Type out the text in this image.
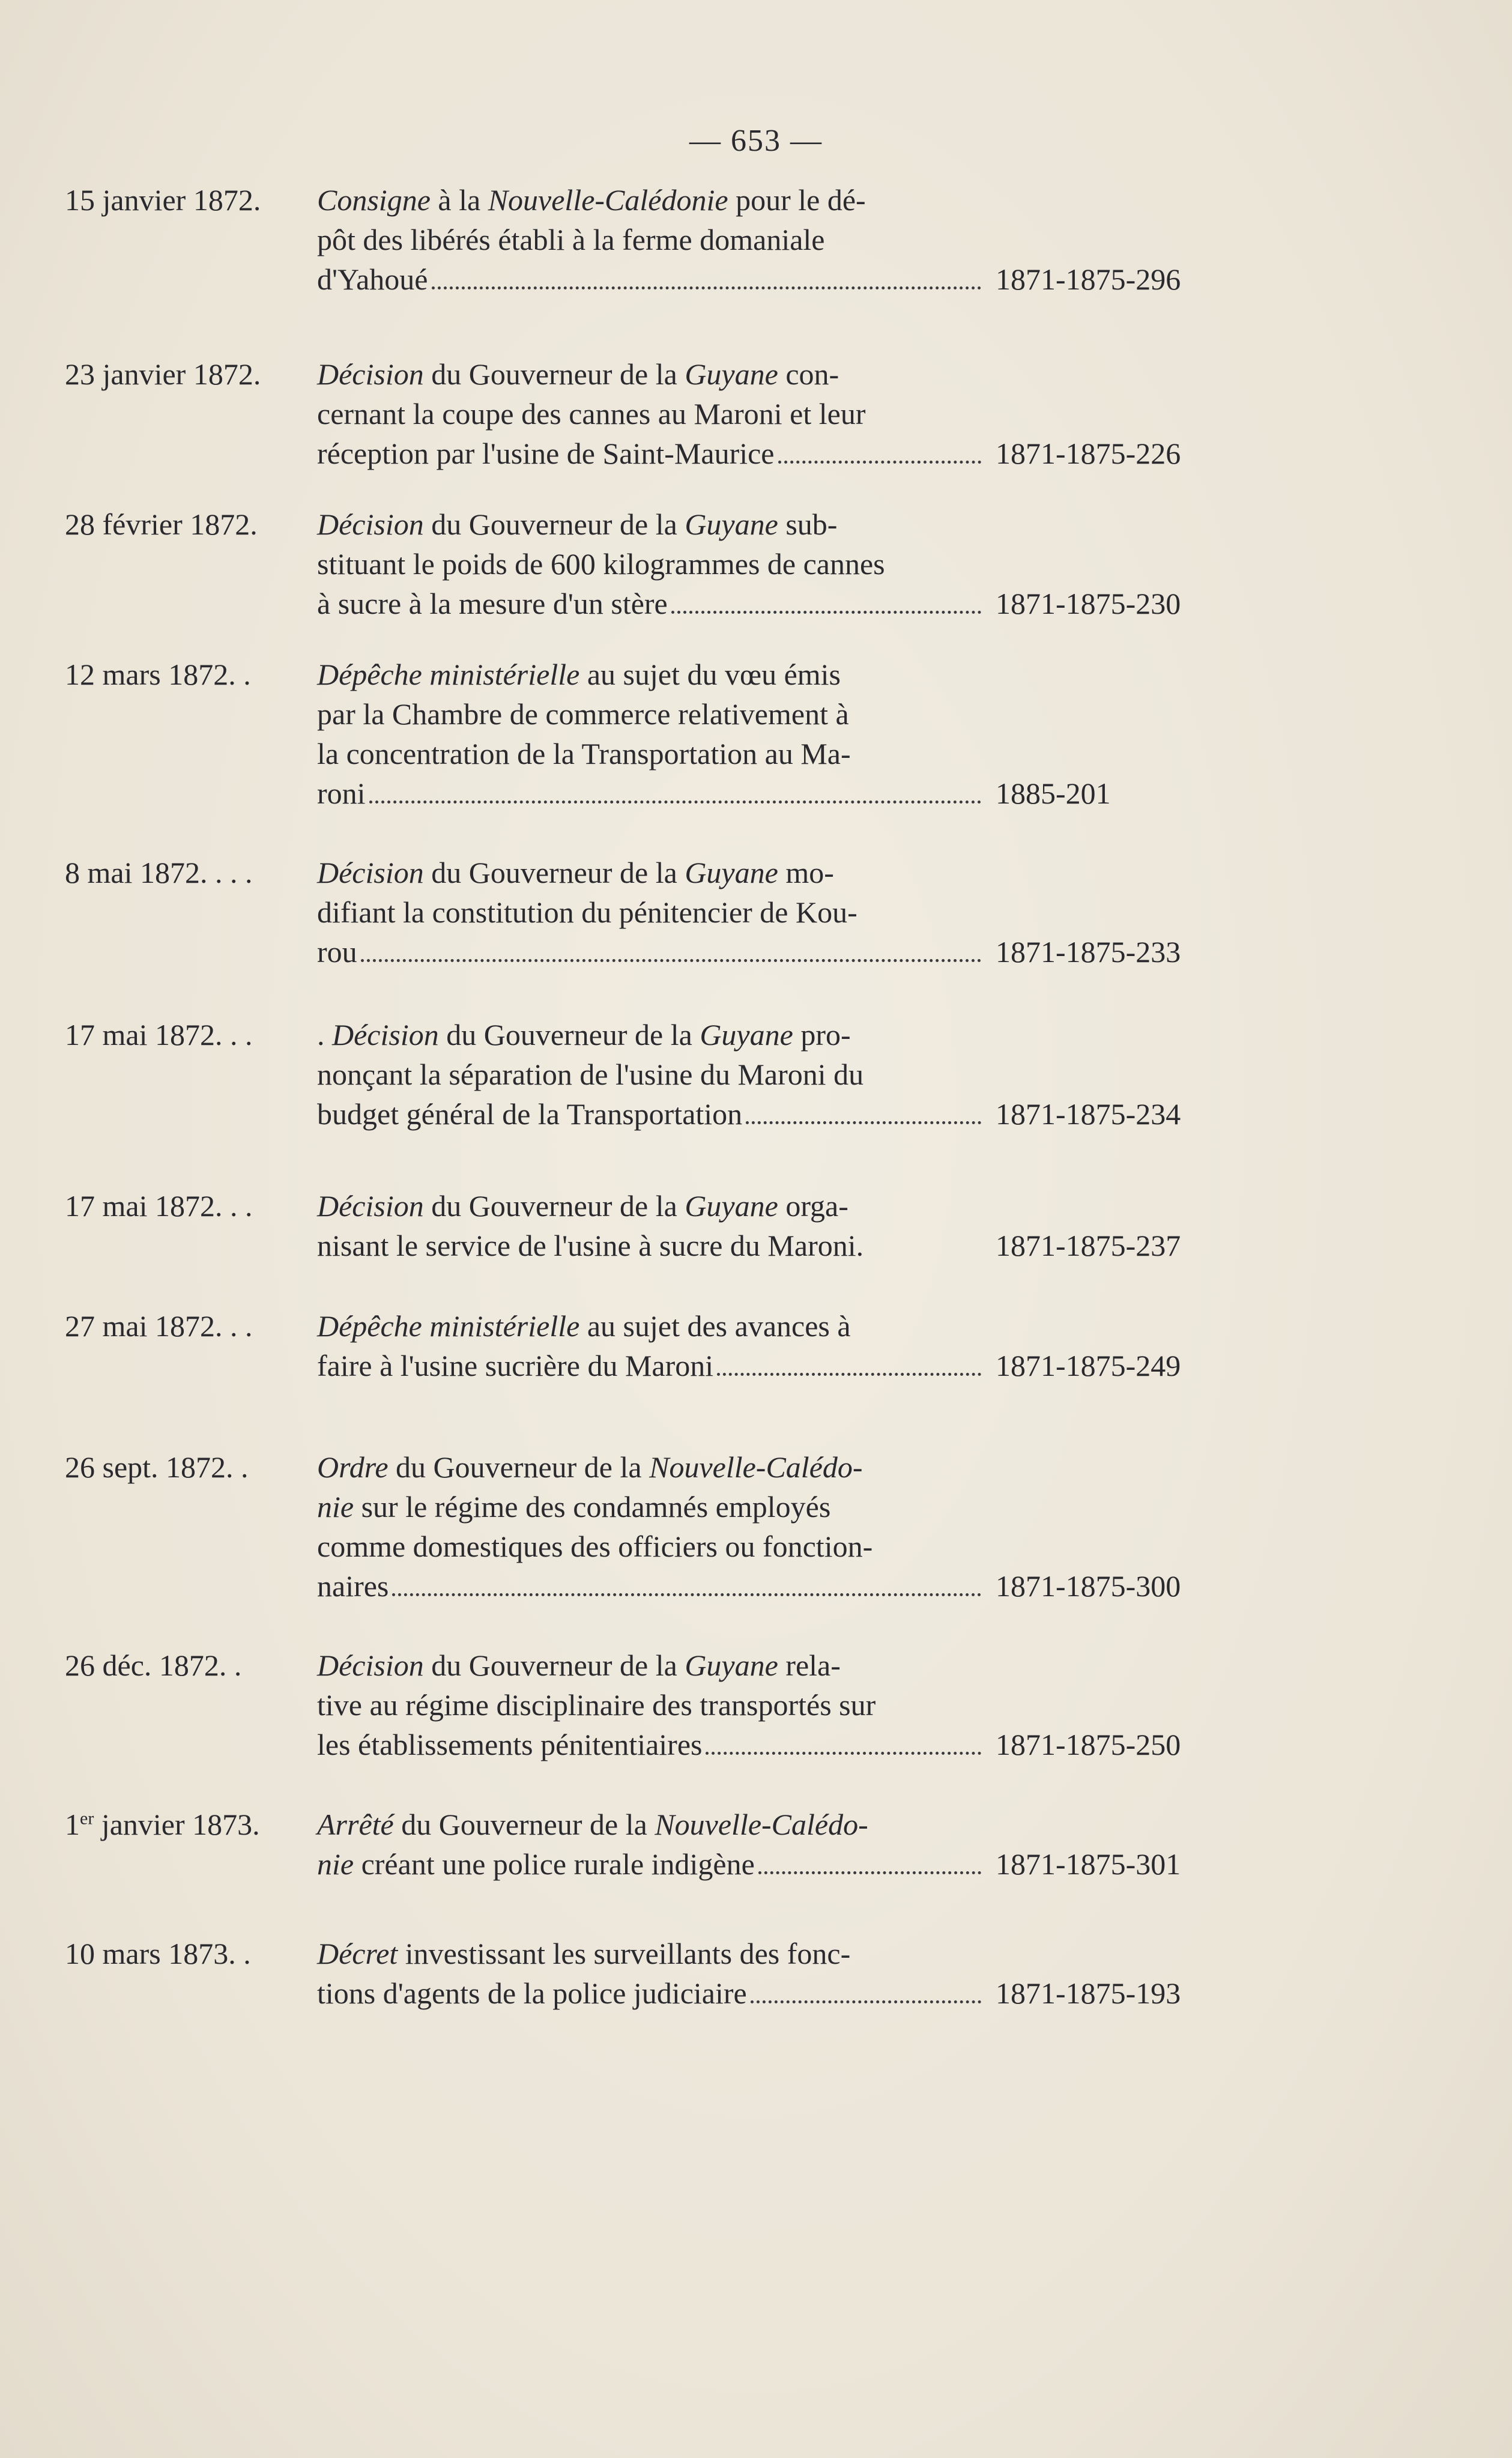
— 653 —
15 janvier 1872. Consigne à la Nouvelle-Calédonie pour le dé-
pôt des libérés établi à la ferme domaniale
d'Yahoué	1871-1875-296
23 janvier 1872. Décision du Gouverneur de la Guyane con-
cernant la coupe des cannes au Maroni et leur
réception par l'usine de Saint-Maurice	1871-1875-226
28 février 1872. Décision du Gouverneur de la Guyane sub-
stituant le poids de 600 kilogrammes de cannes
à sucre à la mesure d'un stère	1871-1875-230
12 mars 1872. . Dépêche ministérielle au sujet du vœu émis
par la Chambre de commerce relativement à
la concentration de la Transportation au Ma-
roni	1885-201
8 mai 1872. . . . Décision du Gouverneur de la Guyane mo-
difiant la constitution du pénitencier de Kou-
rou	1871-1875-233
17 mai 1872. . . . Décision du Gouverneur de la Guyane pro-
nonçant la séparation de l'usine du Maroni du
budget général de la Transportation	1871-1875-234
17 mai 1872. . . Décision du Gouverneur de la Guyane orga-
nisant le service de l'usine à sucre du Maroni.	1871-1875-237
27 mai 1872. . . Dépêche ministérielle au sujet des avances à
faire à l'usine sucrière du Maroni	1871-1875-249
26 sept. 1872. . Ordre du Gouverneur de la Nouvelle-Calédo-
nie sur le régime des condamnés employés
comme domestiques des officiers ou fonction-
naires	1871-1875-300
26 déc. 1872. .	Décision du Gouverneur de la Guyane rela-
tive au régime disciplinaire des transportés sur
les établissements pénitentiaires	1871-1875-250
1er janvier 1873. Arrêté du Gouverneur de la Nouvelle-Calédo-
nie créant une police rurale indigène	1871-1875-301
10 mars 1873. . Décret investissant les surveillants des fonc-
tions d'agents de la police judiciaire	1871-1875-193
